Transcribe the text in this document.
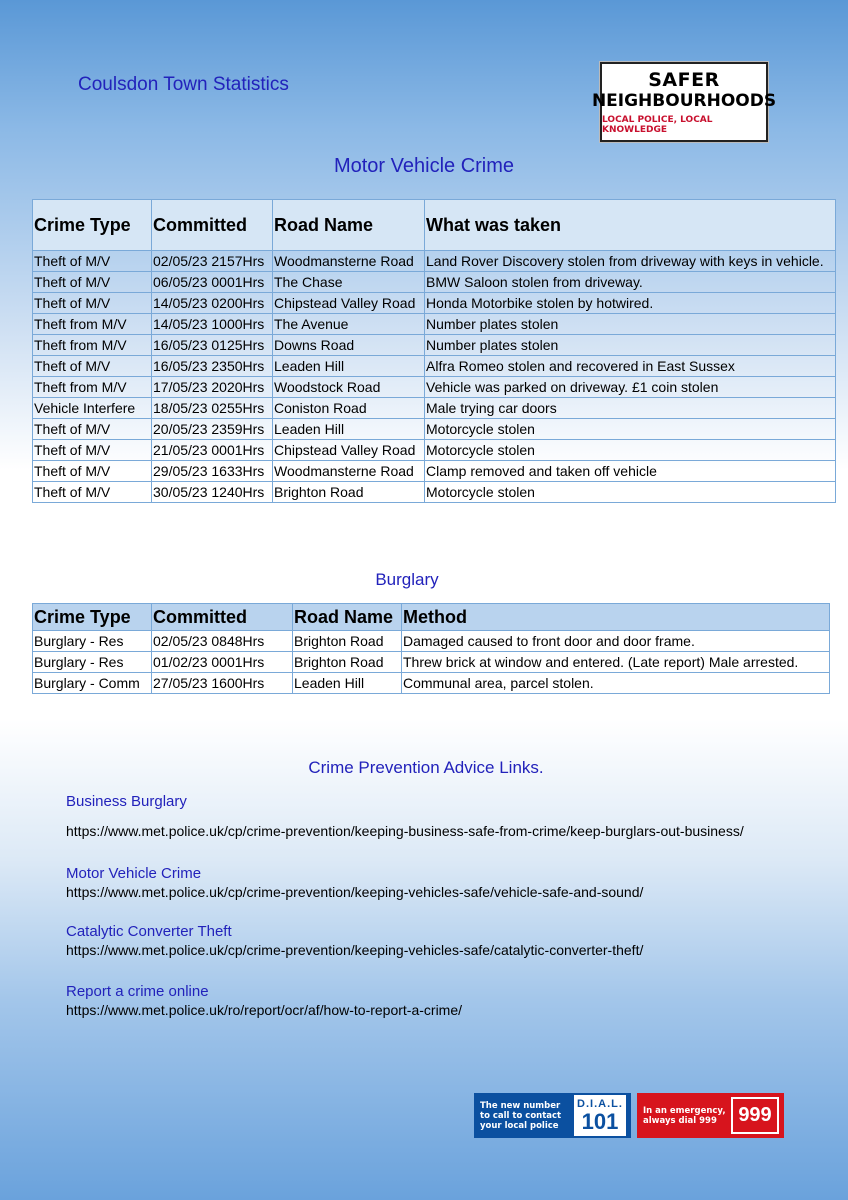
Coulsdon Town Statistics	SAFER
NEIGHBOURHOODS
LOCAL POLICE, LOCAL KNOWLEDGE
Motor Vehicle Crime
Crime Type	Committed	Road Name	What was taken
Theft of M/V	02/05/23 2157Hrs	Woodmansterne Road	Land Rover Discovery stolen from driveway with keys in vehicle.
Theft of M/V	06/05/23 0001Hrs	The Chase	BMW Saloon stolen from driveway.
Theft of M/V	14/05/23 0200Hrs	Chipstead Valley Road	Honda Motorbike stolen by hotwired.
Theft from M/V	14/05/23 1000Hrs	The Avenue	Number plates stolen
Theft from M/V	16/05/23 0125Hrs	Downs Road	Number plates stolen
Theft of M/V	16/05/23 2350Hrs	Leaden Hill	Alfra Romeo stolen and recovered in East Sussex
Theft from M/V	17/05/23 2020Hrs	Woodstock Road	Vehicle was parked on driveway. £1 coin stolen
Vehicle Interfere	18/05/23 0255Hrs	Coniston Road	Male trying car doors
Theft of M/V	20/05/23 2359Hrs	Leaden Hill	Motorcycle stolen
Theft of M/V	21/05/23 0001Hrs	Chipstead Valley Road	Motorcycle stolen
Theft of M/V	29/05/23 1633Hrs	Woodmansterne Road	Clamp removed and taken off vehicle
Theft of M/V	30/05/23 1240Hrs	Brighton Road	Motorcycle stolen
Burglary
Crime Type	Committed	Road Name	Method
Burglary - Res	02/05/23 0848Hrs	Brighton Road	Damaged caused to front door and door frame.
Burglary - Res	01/02/23 0001Hrs	Brighton Road	Threw brick at window and entered. (Late report) Male arrested.
Burglary - Comm	27/05/23 1600Hrs	Leaden Hill	Communal area, parcel stolen.
Crime Prevention Advice Links.
Business Burglary
https://www.met.police.uk/cp/crime-prevention/keeping-business-safe-from-crime/keep-burglars-out-business/
Motor Vehicle Crime
https://www.met.police.uk/cp/crime-prevention/keeping-vehicles-safe/vehicle-safe-and-sound/
Catalytic Converter Theft
https://www.met.police.uk/cp/crime-prevention/keeping-vehicles-safe/catalytic-converter-theft/
Report a crime online
https://www.met.police.uk/ro/report/ocr/af/how-to-report-a-crime/
The new number to call to contact your local police
D.I.A.L.
101	In an emergency, always dial 999	999
